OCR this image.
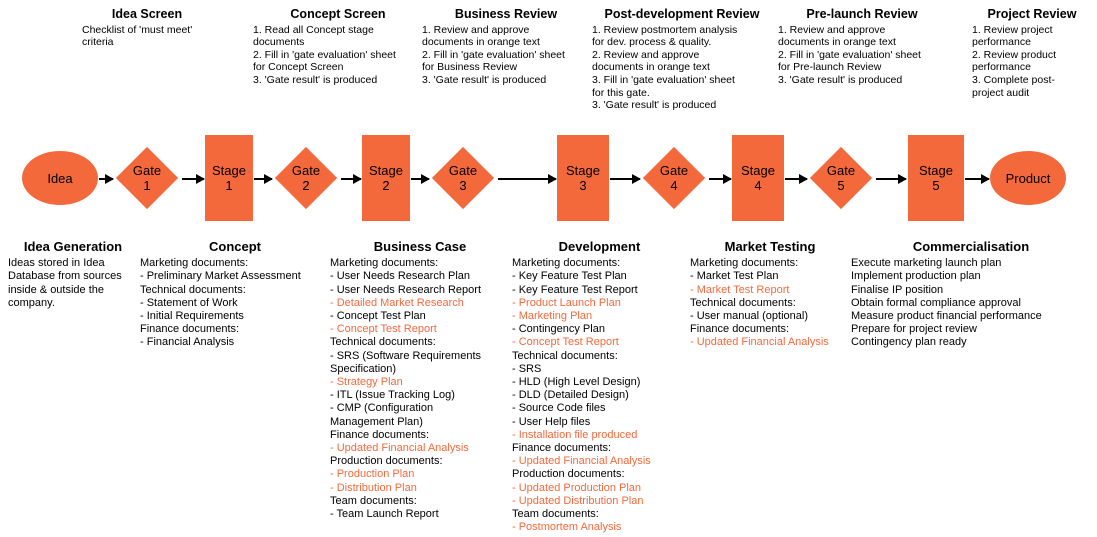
Idea Screen
Checklist of 'must meet'
criteria
Concept Screen
1. Read all Concept stage
documents
2. Fill in 'gate evaluation' sheet
for Concept Screen
3. 'Gate result' is produced
Business Review
1. Review and approve
documents in orange text
2. Fill in 'gate evaluation' sheet
for Business Review
3. 'Gate result' is produced
Post-development Review
1. Review postmortem analysis
for dev. process & quality.
2. Review and approve
documents in orange text
3. Fill in 'gate evaluation' sheet
for this gate.
3. 'Gate result' is produced
Pre-launch Review
1. Review and approve
documents in orange text
2. Fill in 'gate evaluation' sheet
for Pre-launch Review
3. 'Gate result' is produced
Project Review
1. Review project
performance
2. Review product
performance
3. Complete post-
project audit
Idea	Gate
1
Stage
1
Gate
2
Stage
2
Gate
3
Stage
3
Gate
4
Stage
4
Gate
5
Stage
5	Product
Idea Generation
Ideas stored in Idea
Database from sources
inside & outside the
company.
Concept
Marketing documents:
- Preliminary Market Assessment
Technical documents:
- Statement of Work
- Initial Requirements
Finance documents:
- Financial Analysis
Business Case
Marketing documents:
- User Needs Research Plan
- User Needs Research Report
- Detailed Market Research
- Concept Test Plan
- Concept Test Report
Technical documents:
- SRS (Software Requirements
Specification)
- Strategy Plan
- ITL (Issue Tracking Log)
- CMP (Configuration
Management Plan)
Finance documents:
- Updated Financial Analysis
Production documents:
- Production Plan
- Distribution Plan
Team documents:
- Team Launch Report
Development
Marketing documents:
- Key Feature Test Plan
- Key Feature Test Report
- Product Launch Plan
- Marketing Plan
- Contingency Plan
- Concept Test Report
Technical documents:
- SRS
- HLD (High Level Design)
- DLD (Detailed Design)
- Source Code files
- User Help files
- Installation file produced
Finance documents:
- Updated Financial Analysis
Production documents:
- Updated Production Plan
- Updated Distribution Plan
Team documents:
- Postmortem Analysis
Market Testing
Marketing documents:
- Market Test Plan
- Market Test Report
Technical documents:
- User manual (optional)
Finance documents:
- Updated Financial Analysis
Commercialisation
Execute marketing launch plan
Implement production plan
Finalise IP position
Obtain formal compliance approval
Measure product financial performance
Prepare for project review
Contingency plan ready
